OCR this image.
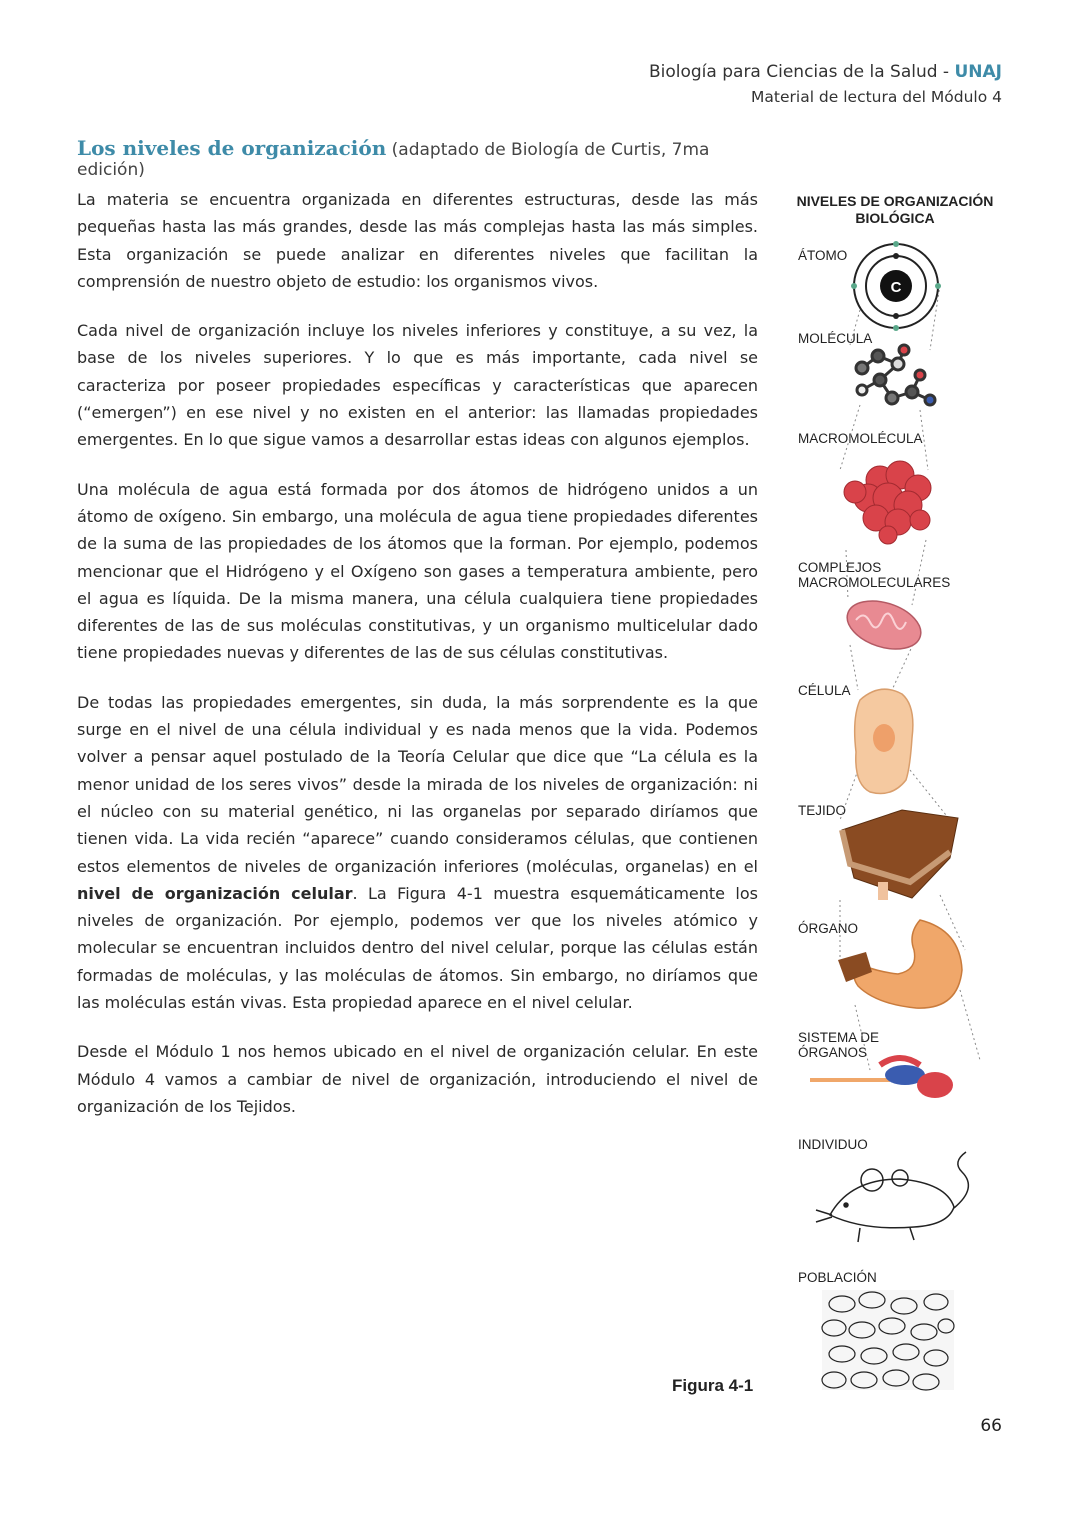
Biología para Ciencias de la Salud - UNAJ
Material de lectura del Módulo 4
Los niveles de organización (adaptado de Biología de Curtis, 7ma edición)

La materia se encuentra organizada en diferentes estructuras, desde las más pequeñas hasta las más grandes, desde las más complejas hasta las más simples. Esta organización se puede analizar en diferentes niveles que facilitan la comprensión de nuestro objeto de estudio: los organismos vivos.

Cada nivel de organización incluye los niveles inferiores y constituye, a su vez, la base de los niveles superiores. Y lo que es más importante, cada nivel se caracteriza por poseer propiedades específicas y características que aparecen (“emergen”) en ese nivel y no existen en el anterior: las llamadas propiedades emergentes. En lo que sigue vamos a desarrollar estas ideas con algunos ejemplos.

Una molécula de agua está formada por dos átomos de hidrógeno unidos a un átomo de oxígeno. Sin embargo, una molécula de agua tiene propiedades diferentes de la suma de las propiedades de los átomos que la forman. Por ejemplo, podemos mencionar que el Hidrógeno y el Oxígeno son gases a temperatura ambiente, pero el agua es líquida. De la misma manera, una célula cualquiera tiene propiedades diferentes de las de sus moléculas constitutivas, y un organismo multicelular dado tiene propiedades nuevas y diferentes de las de sus células constitutivas.

De todas las propiedades emergentes, sin duda, la más sorprendente es la que surge en el nivel de una célula individual y es nada menos que la vida. Podemos volver a pensar aquel postulado de la Teoría Celular que dice que “La célula es la menor unidad de los seres vivos” desde la mirada de los niveles de organización: ni el núcleo con su material genético, ni las organelas por separado diríamos que tienen vida. La vida recién “aparece” cuando consideramos células, que contienen estos elementos de niveles de organización inferiores (moléculas, organelas) en el nivel de organización celular. La Figura 4-1 muestra esquemáticamente los niveles de organización. Por ejemplo, podemos ver que los niveles atómico y molecular se encuentran incluidos dentro del nivel celular, porque las células están formadas de moléculas, y las moléculas de átomos. Sin embargo, no diríamos que las moléculas están vivas. Esta propiedad aparece en el nivel celular.

Desde el Módulo 1 nos hemos ubicado en el nivel de organización celular. En este Módulo 4 vamos a cambiar de nivel de organización, introduciendo el nivel de organización de los Tejidos.

NIVELES DE ORGANIZACIÓN
BIOLÓGICA
ÁTOMO
MOLÉCULA
MACROMOLÉCULA
COMPLEJOS
MACROMOLECULARES
CÉLULA
TEJIDO
ÓRGANO
SISTEMA DE
ÓRGANOS
INDIVIDUO
POBLACIÓN
C
Figura 4-1
66
